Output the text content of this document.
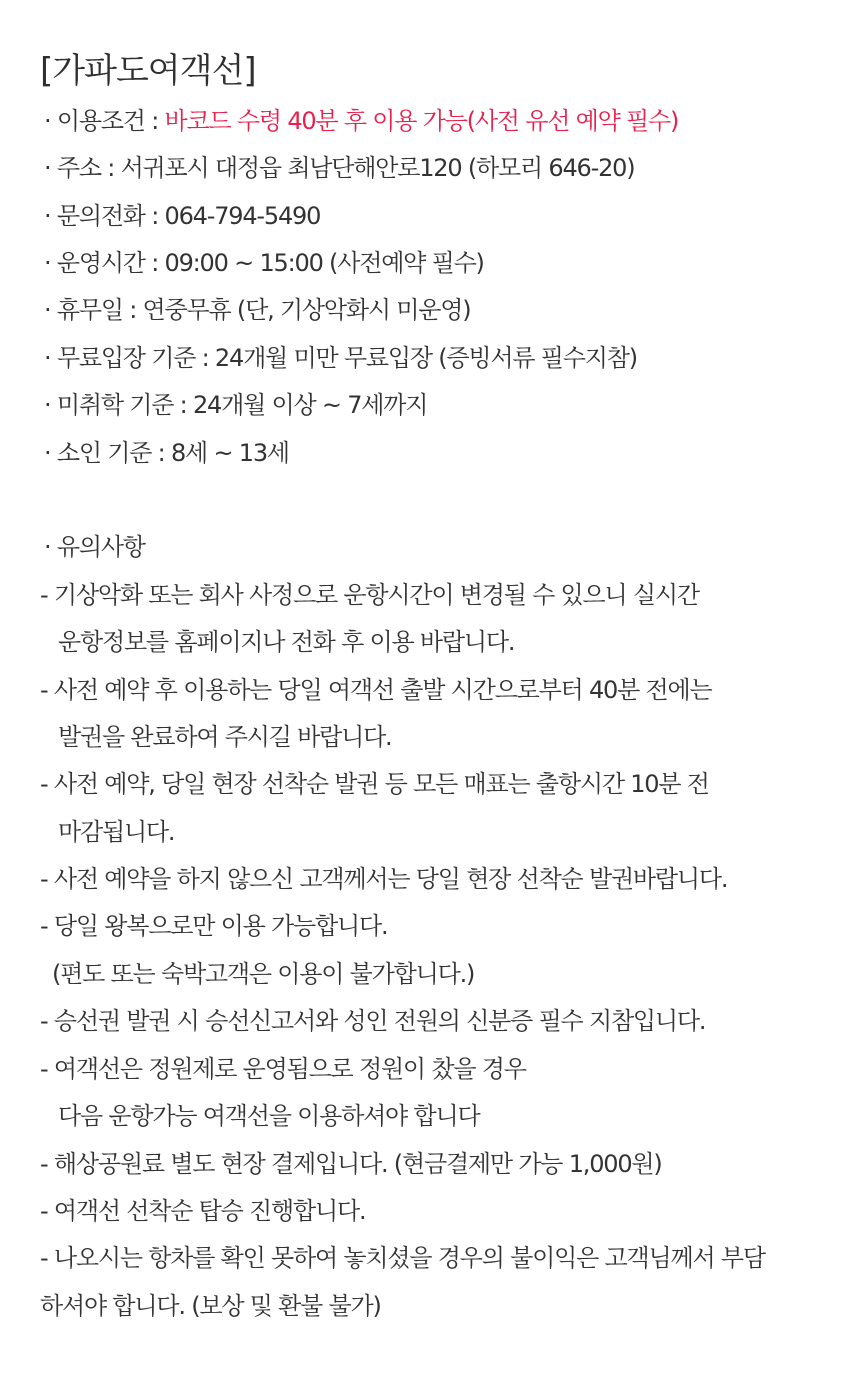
[가파도여객선]
· 이용조건 : 바코드 수령 40분 후 이용 가능(사전 유선 예약 필수)
· 주소 : 서귀포시 대정읍 최남단해안로120 (하모리 646-20)
· 문의전화 : 064-794-5490
· 운영시간 : 09:00 ~ 15:00 (사전예약 필수)
· 휴무일 : 연중무휴 (단, 기상악화시 미운영)
· 무료입장 기준 : 24개월 미만 무료입장 (증빙서류 필수지참)
· 미취학 기준 : 24개월 이상 ~ 7세까지
· 소인 기준 : 8세 ~ 13세
· 유의사항
- 기상악화 또는 회사 사정으로 운항시간이 변경될 수 있으니 실시간
운항정보를 홈페이지나 전화 후 이용 바랍니다.
- 사전 예약 후 이용하는 당일 여객선 출발 시간으로부터 40분 전에는
발권을 완료하여 주시길 바랍니다.
- 사전 예약, 당일 현장 선착순 발권 등 모든 매표는 출항시간 10분 전
마감됩니다.
- 사전 예약을 하지 않으신 고객께서는 당일 현장 선착순 발권바랍니다.
- 당일 왕복으로만 이용 가능합니다.
(편도 또는 숙박고객은 이용이 불가합니다.)
- 승선권 발권 시 승선신고서와 성인 전원의 신분증 필수 지참입니다.
- 여객선은 정원제로 운영됨으로 정원이 찼을 경우
다음 운항가능 여객선을 이용하셔야 합니다
- 해상공원료 별도 현장 결제입니다. (현금결제만 가능 1,000원)
- 여객선 선착순 탑승 진행합니다.
- 나오시는 항차를 확인 못하여 놓치셨을 경우의 불이익은 고객님께서 부담
하셔야 합니다. (보상 및 환불 불가)
